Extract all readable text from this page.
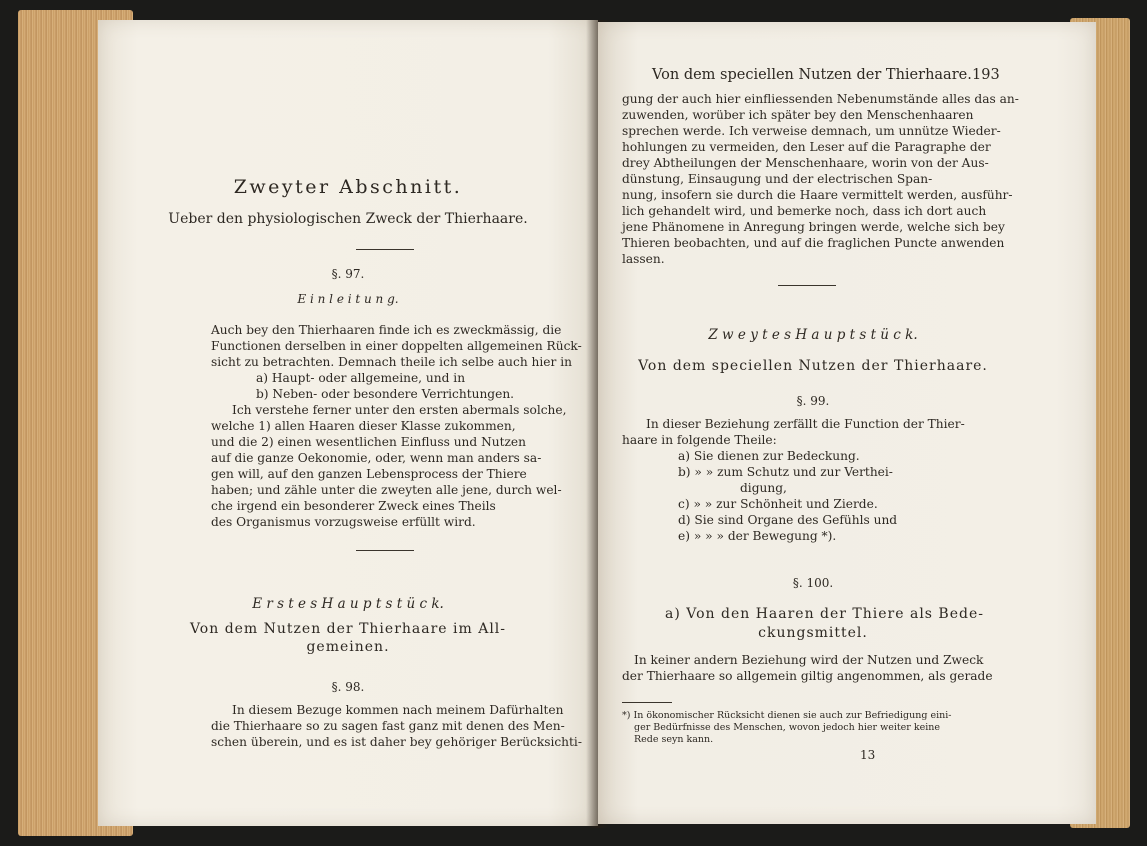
Zweyter Abschnitt.
Ueber den physiologischen Zweck der Thierhaare.
§. 97.
E i n l e i t u n g.
Auch bey den Thierhaaren finde ich es zweckmässig, die
Functionen derselben in einer doppelten allgemeinen Rück-
sicht zu betrachten. Demnach theile ich selbe auch hier in
a) Haupt- oder allgemeine, und in
b) Neben- oder besondere Verrichtungen.
Ich verstehe ferner unter den ersten abermals solche,
welche 1) allen Haaren dieser Klasse zukommen,
und die 2) einen wesentlichen Einfluss und Nutzen
auf die ganze Oekonomie, oder, wenn man anders sa-
gen will, auf den ganzen Lebensprocess der Thiere
haben; und zähle unter die zweyten alle jene, durch wel-
che irgend ein besonderer Zweck eines Theils
des Organismus vorzugsweise erfüllt wird.
E r s t e s H a u p t s t ü c k.
Von dem Nutzen der Thierhaare im All-
gemeinen.
§. 98.
In diesem Bezuge kommen nach meinem Dafürhalten
die Thierhaare so zu sagen fast ganz mit denen des Men-
schen überein, und es ist daher bey gehöriger Berücksichti-
Von dem speciellen Nutzen der Thierhaare. 193
gung der auch hier einfliessenden Nebenumstände alles das an-
zuwenden, worüber ich später bey den Menschenhaaren
sprechen werde. Ich verweise demnach, um unnütze Wieder-
hohlungen zu vermeiden, den Leser auf die Paragraphe der
drey Abtheilungen der Menschenhaare, worin von der Aus-
dünstung, Einsaugung und der electrischen Span-
nung, insofern sie durch die Haare vermittelt werden, ausführ-
lich gehandelt wird, und bemerke noch, dass ich dort auch
jene Phänomene in Anregung bringen werde, welche sich bey
Thieren beobachten, und auf die fraglichen Puncte anwenden
lassen.
Z w e y t e s H a u p t s t ü c k.
Von dem speciellen Nutzen der Thierhaare.
§. 99.
In dieser Beziehung zerfällt die Function der Thier-
haare in folgende Theile:
a) Sie dienen zur Bedeckung.
b) » » zum Schutz und zur Verthei-
digung,
c) » » zur Schönheit und Zierde.
d) Sie sind Organe des Gefühls und
e) » » » der Bewegung *).
§. 100.
a) Von den Haaren der Thiere als Bede-
ckungsmittel.
In keiner andern Beziehung wird der Nutzen und Zweck
der Thierhaare so allgemein giltig angenommen, als gerade
*) In ökonomischer Rücksicht dienen sie auch zur Befriedigung eini-
ger Bedürfnisse des Menschen, wovon jedoch hier weiter keine
Rede seyn kann.
13
